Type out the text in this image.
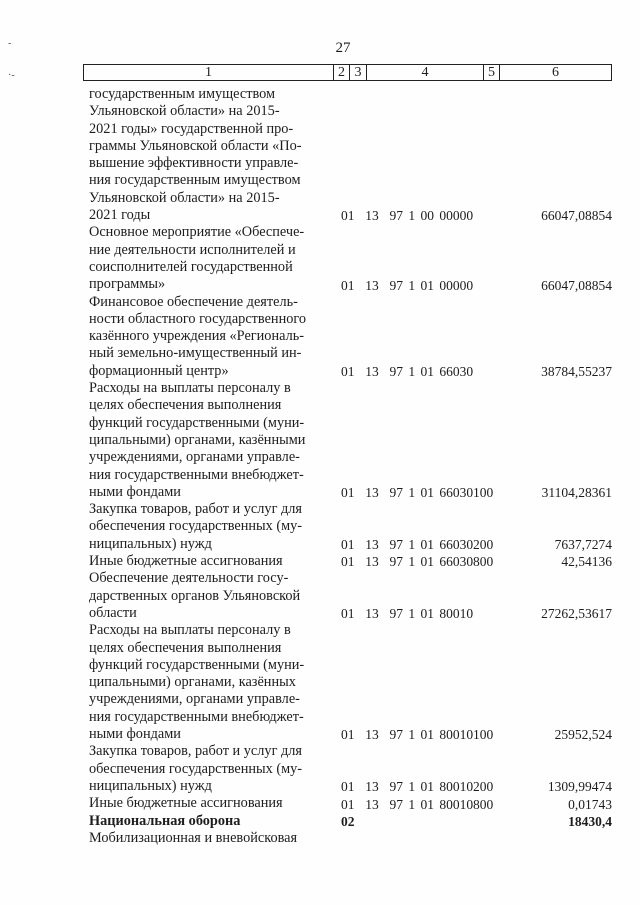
27
1	2 3	4	5	6
государственным имуществом
Ульяновской области» на 2015-
2021 годы» государственной про-
граммы Ульяновской области «По-
вышение эффективности управле-
ния государственным имуществом
Ульяновской области» на 2015-
2021 годы	01  13  97 1 00 00000	66047,08854
Основное мероприятие «Обеспече-
ние деятельности исполнителей и
соисполнителей государственной
программы»	01  13  97 1 01 00000	66047,08854
Финансовое обеспечение деятель-
ности областного государственного
казённого учреждения «Региональ-
ный земельно-имущественный ин-
формационный центр»	01  13  97 1 01 66030	38784,55237
Расходы на выплаты персоналу в
целях обеспечения выполнения
функций государственными (муни-
ципальными) органами, казёнными
учреждениями, органами управле-
ния государственными внебюджет-
ными фондами	01  13  97 1 01 66030 100	31104,28361
Закупка товаров, работ и услуг для
обеспечения государственных (му-
ниципальных) нужд	01  13  97 1 01 66030 200	7637,7274
Иные бюджетные ассигнования	01  13  97 1 01 66030 800	42,54136
Обеспечение деятельности госу-
дарственных органов Ульяновской
области	01  13  97 1 01 80010	27262,53617
Расходы на выплаты персоналу в
целях обеспечения выполнения
функций государственными (муни-
ципальными) органами, казённых
учреждениями, органами управле-
ния государственными внебюджет-
ными фондами	01  13  97 1 01 80010 100	25952,524
Закупка товаров, работ и услуг для
обеспечения государственных (му-
ниципальных) нужд	01  13  97 1 01 80010 200	1309,99474
Иные бюджетные ассигнования	01  13  97 1 01 80010 800	0,01743
Национальная оборона	02	18430,4
Мобилизационная и вневойсковая
-
·-
